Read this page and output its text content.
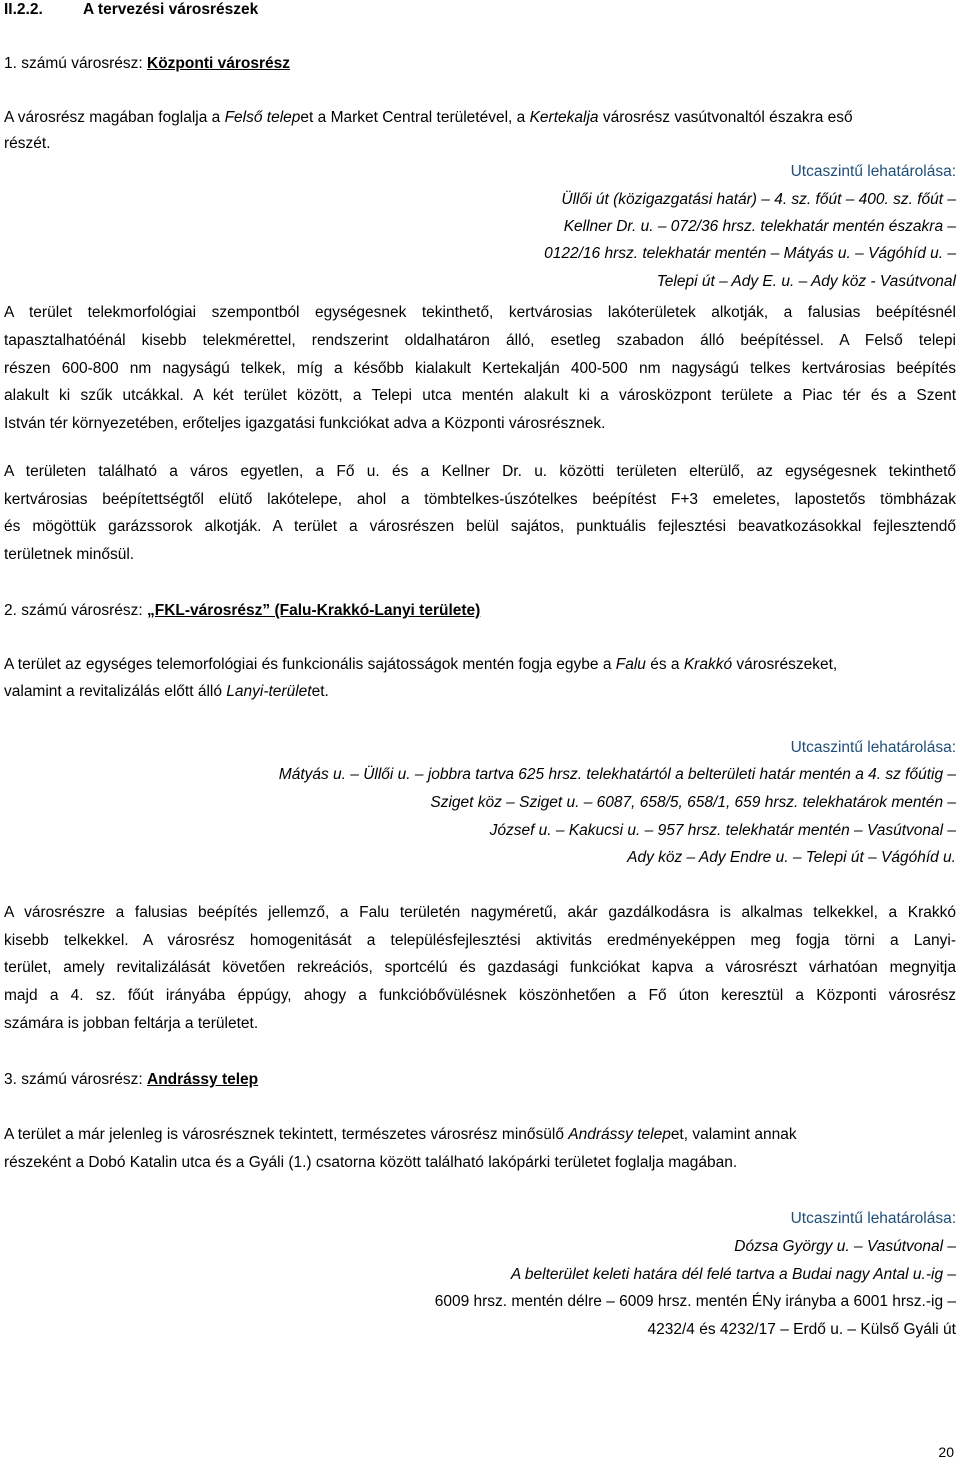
II.2.2.	A tervezési városrészek
1. számú városrész: Központi városrész
A városrész magában foglalja a Felső telepet a Market Central területével, a Kertekalja városrész vasútvonaltól északra eső
részét.
Utcaszintű lehatárolása:
Üllői út (közigazgatási határ) ‒ 4. sz. főút ‒ 400. sz. főút ‒
Kellner Dr. u. ‒ 072/36 hrsz. telekhatár mentén északra ‒
0122/16 hrsz. telekhatár mentén ‒ Mátyás u. ‒ Vágóhíd u. ‒
Telepi út ‒ Ady E. u. ‒ Ady köz - Vasútvonal
A terület telekmorfológiai szempontból egységesnek tekinthető, kertvárosias lakóterületek alkotják, a falusias beépítésnél
tapasztalhatóénál kisebb telekmérettel, rendszerint oldalhatáron álló, esetleg szabadon álló beépítéssel. A Felső telepi
részen 600-800 nm nagyságú telkek, míg a később kialakult Kertekalján 400-500 nm nagyságú telkes kertvárosias beépítés
alakult ki szűk utcákkal. A két terület között, a Telepi utca mentén alakult ki a városközpont területe a Piac tér és a Szent
István tér környezetében, erőteljes igazgatási funkciókat adva a Központi városrésznek.
A területen található a város egyetlen, a Fő u. és a Kellner Dr. u. közötti területen elterülő, az egységesnek tekinthető
kertvárosias beépítettségtől elütő lakótelepe, ahol a tömbtelkes-úszótelkes beépítést F+3 emeletes, lapostetős tömbházak
és mögöttük garázssorok alkotják. A terület a városrészen belül sajátos, punktuális fejlesztési beavatkozásokkal fejlesztendő
területnek minősül.
2. számú városrész: „FKL-városrész” (Falu-Krakkó-Lanyi területe)
A terület az egységes telemorfológiai és funkcionális sajátosságok mentén fogja egybe a Falu és a Krakkó városrészeket,
valamint a revitalizálás előtt álló Lanyi-területet.
Utcaszintű lehatárolása:
Mátyás u. ‒ Üllői u. ‒ jobbra tartva 625 hrsz. telekhatártól a belterületi határ mentén a 4. sz főútig ‒
Sziget köz ‒ Sziget u. ‒ 6087, 658/5, 658/1, 659 hrsz. telekhatárok mentén ‒
József u. ‒ Kakucsi u. ‒ 957 hrsz. telekhatár mentén ‒ Vasútvonal ‒
Ady köz ‒ Ady Endre u. ‒ Telepi út ‒ Vágóhíd u.
A városrészre a falusias beépítés jellemző, a Falu területén nagyméretű, akár gazdálkodásra is alkalmas telkekkel, a Krakkó
kisebb telkekkel. A városrész homogenitását a településfejlesztési aktivitás eredményeképpen meg fogja törni a Lanyi-
terület, amely revitalizálását követően rekreációs, sportcélú és gazdasági funkciókat kapva a városrészt várhatóan megnyitja
majd a 4. sz. főút irányába éppúgy, ahogy a funkcióbővülésnek köszönhetően a Fő úton keresztül a Központi városrész
számára is jobban feltárja a területet.
3. számú városrész: Andrássy telep
A terület a már jelenleg is városrésznek tekintett, természetes városrész minősülő Andrássy telepet, valamint annak
részeként a Dobó Katalin utca és a Gyáli (1.) csatorna között található lakópárki területet foglalja magában.
Utcaszintű lehatárolása:
Dózsa György u. ‒ Vasútvonal ‒
A belterület keleti határa dél felé tartva a Budai nagy Antal u.-ig ‒
6009 hrsz. mentén délre ‒ 6009 hrsz. mentén ÉNy irányba a 6001 hrsz.-ig ‒
4232/4 és 4232/17 ‒ Erdő u. ‒ Külső Gyáli út
20
